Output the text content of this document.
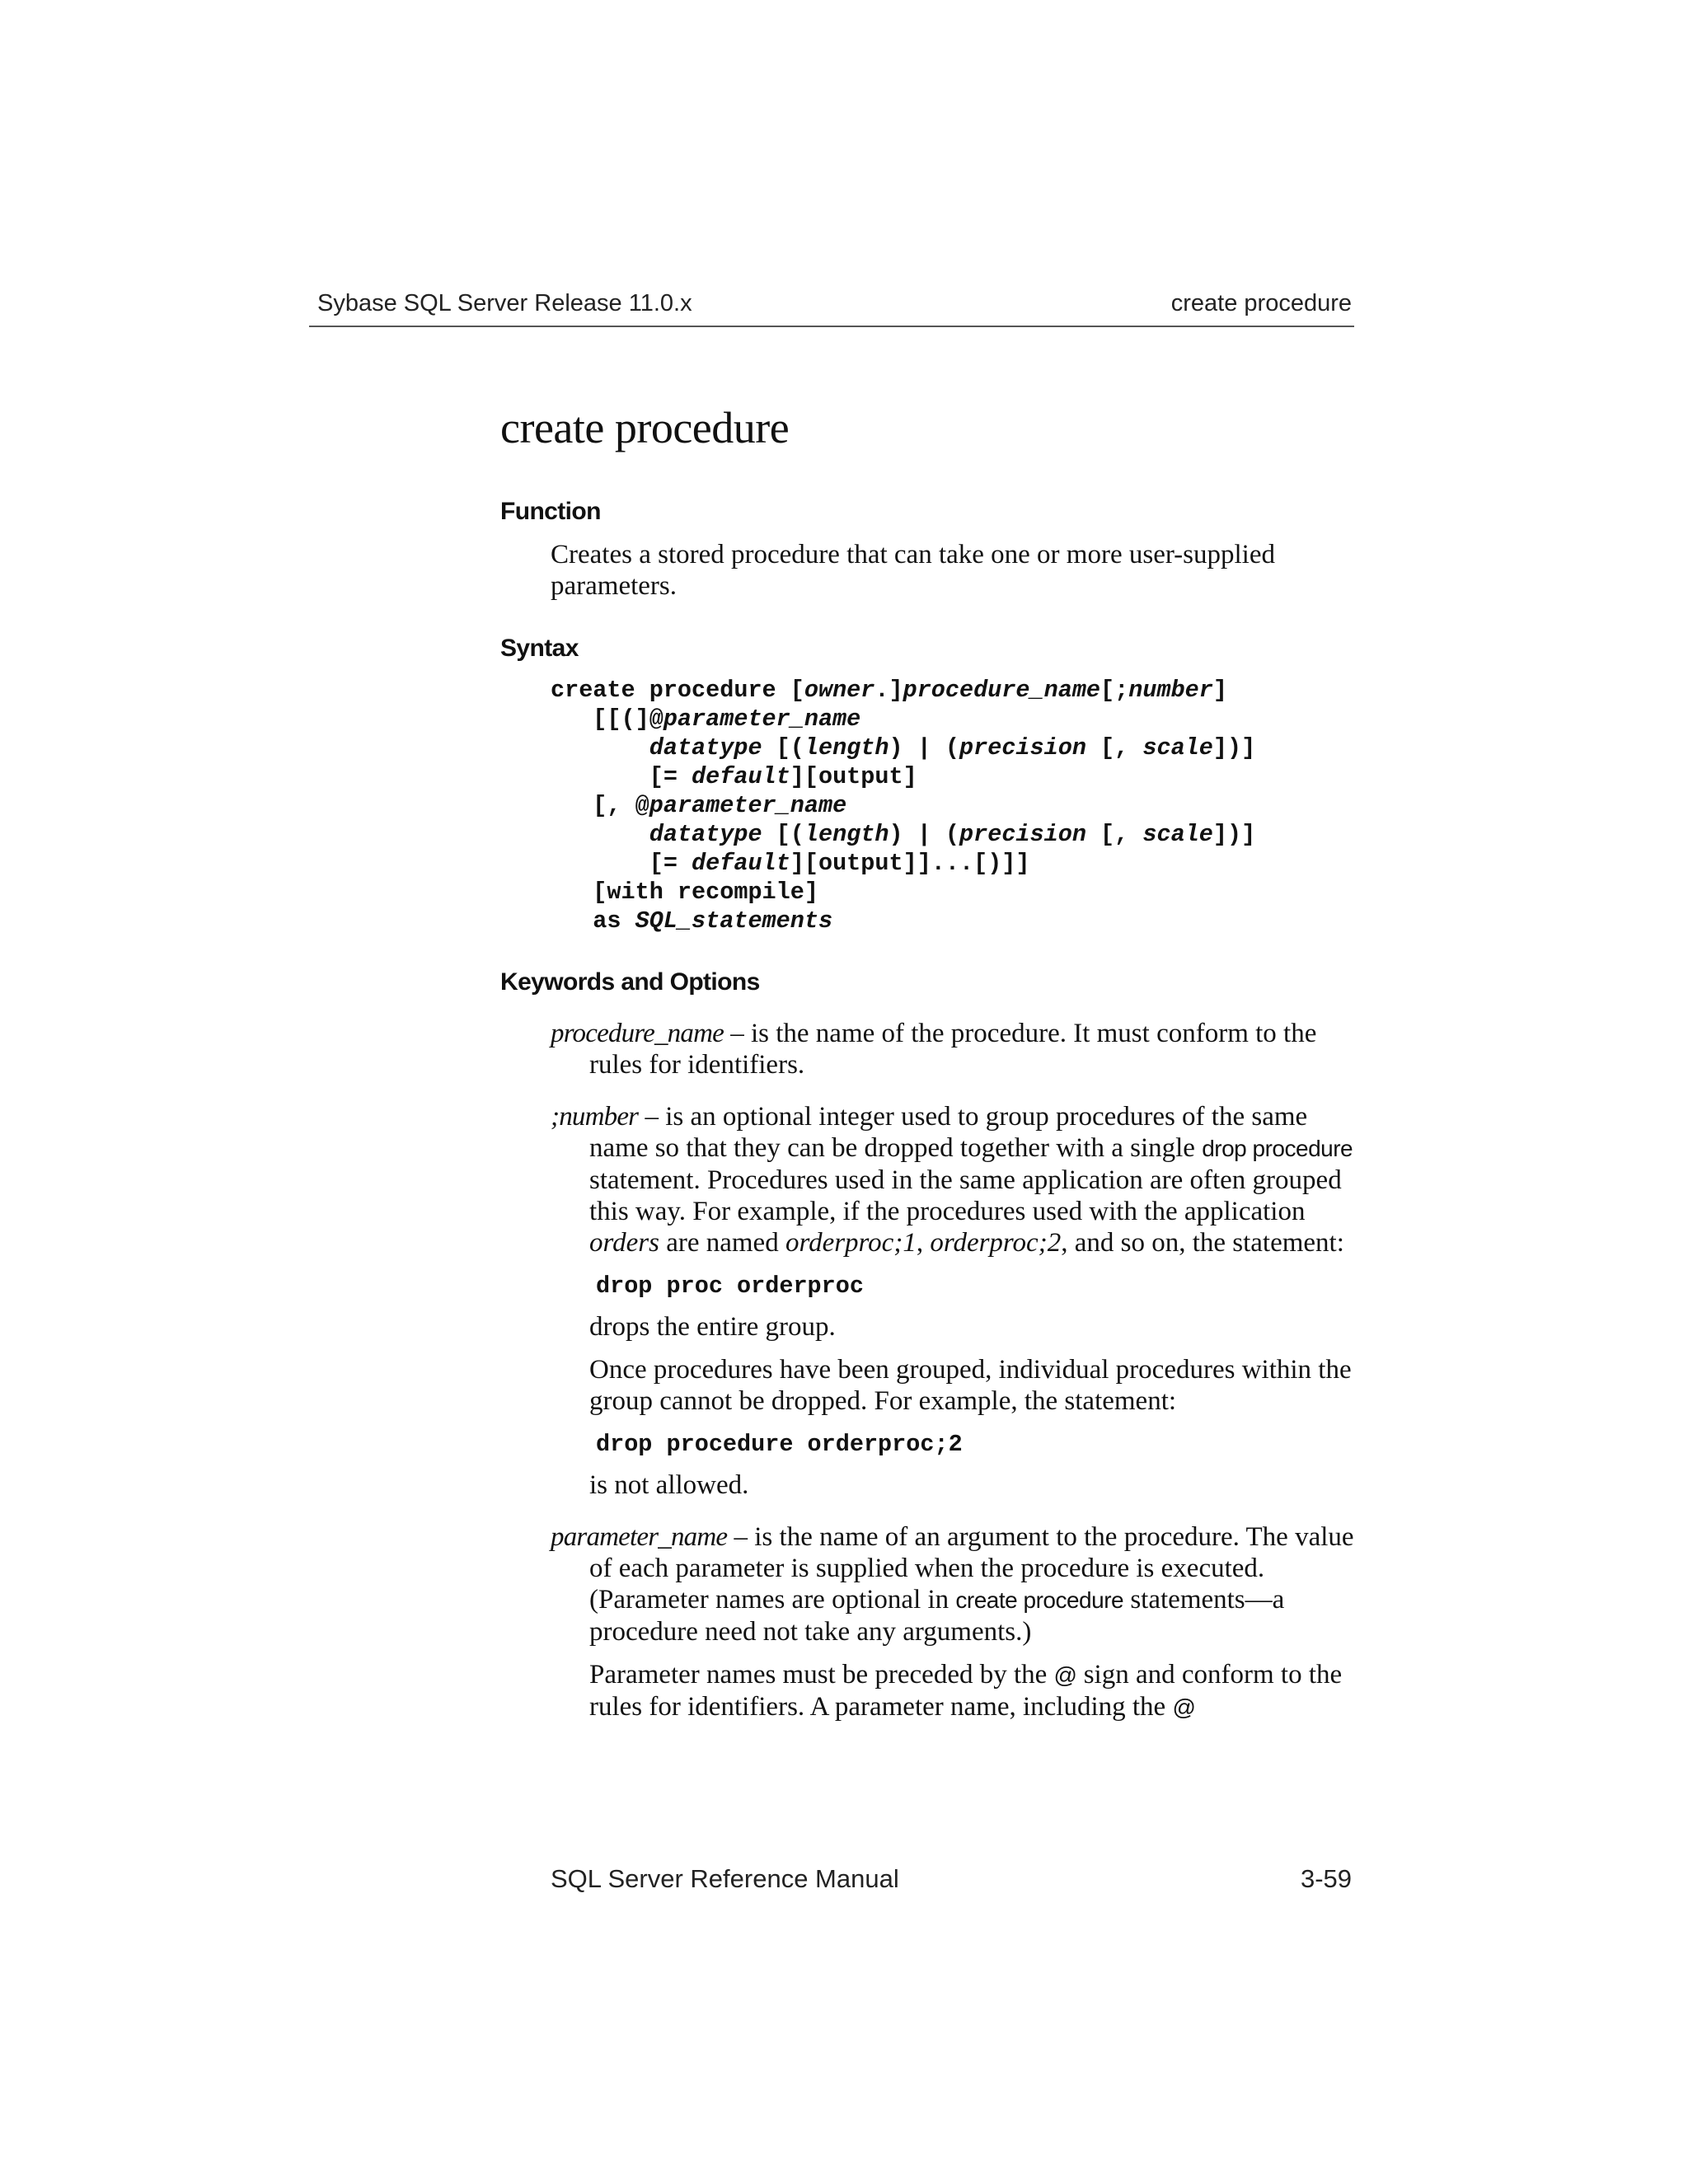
Sybase SQL Server Release 11.0.x	create procedure
create procedure
Function

Creates a stored procedure that can take one or more user-supplied parameters.

Syntax
create procedure [owner.]procedure_name[;number]
[[(]@parameter_name
datatype [(length) | (precision [, scale])]
[= default][output]
[, @parameter_name
datatype [(length) | (precision [, scale])]
[= default][output]]...[)]]
[with recompile]
as SQL_statements
Keywords and Options

procedure_name – is the name of the procedure. It must conform to the rules for identifiers.

;number – is an optional integer used to group procedures of the same name so that they can be dropped together with a single drop procedure statement. Procedures used in the same application are often grouped this way. For example, if the procedures used with the application orders are named orderproc;1, orderproc;2, and so on, the statement:

drop proc orderproc

drops the entire group.

Once procedures have been grouped, individual procedures within the group cannot be dropped. For example, the statement:

drop procedure orderproc;2

is not allowed.

parameter_name – is the name of an argument to the procedure. The value of each parameter is supplied when the procedure is executed. (Parameter names are optional in create procedure statements—a procedure need not take any arguments.)

Parameter names must be preceded by the @ sign and conform to the rules for identifiers. A parameter name, including the @

SQL Server Reference Manual	3-59
